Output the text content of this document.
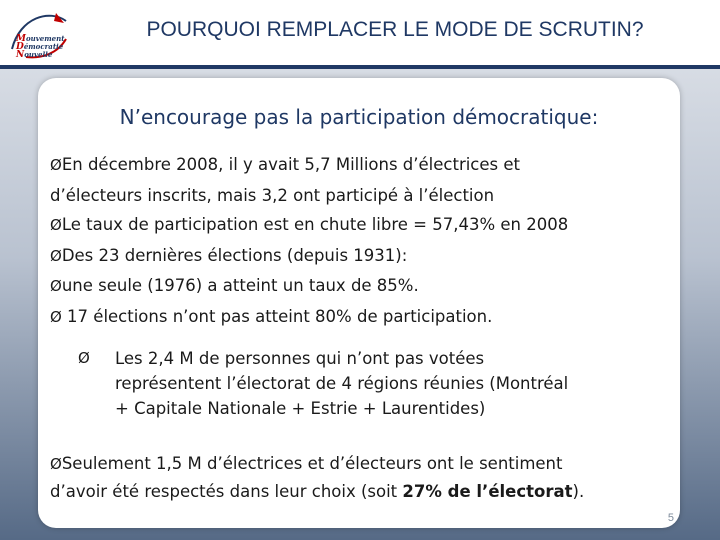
Mouvement
Démocratie
Nouvelle
POURQUOI REMPLACER LE MODE DE SCRUTIN?
N’encourage pas la participation démocratique:
ØEn décembre 2008, il y avait 5,7 Millions d’électrices et
d’électeurs inscrits, mais 3,2 ont participé à l’élection
ØLe taux de participation est en chute libre = 57,43% en 2008
ØDes 23 dernières élections (depuis 1931):
Øune seule (1976) a atteint un taux de 85%.
Ø 17 élections n’ont pas atteint 80% de participation.
Ø Les 2,4 M de personnes qui n’ont pas votées
représentent l’électorat de 4 régions réunies (Montréal
+ Capitale Nationale + Estrie + Laurentides)
ØSeulement 1,5 M d’électrices et d’électeurs ont le sentiment
d’avoir été respectés dans leur choix (soit 27% de l’électorat).
5
